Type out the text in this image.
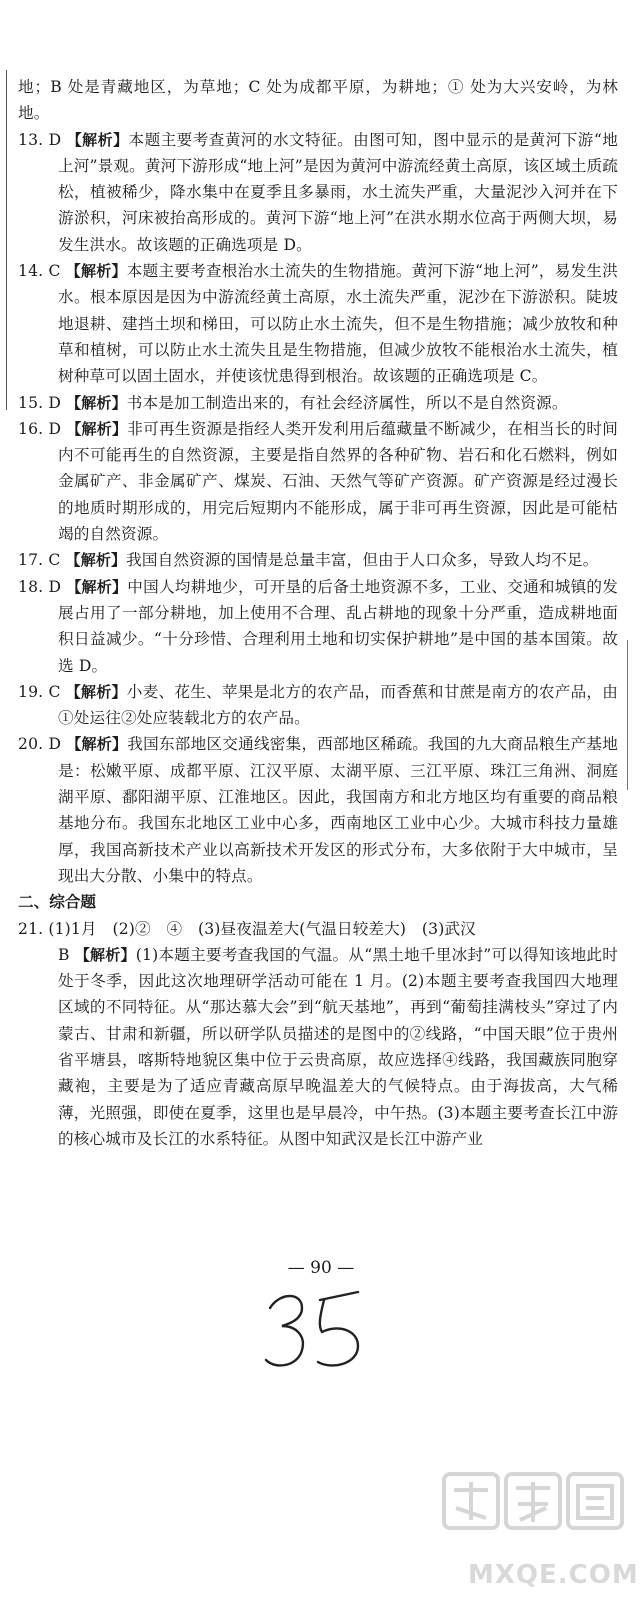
地；B 处是青藏地区，为草地；C 处为成都平原，为耕地；① 处为大兴安岭，为林地。

13. D 【解析】本题主要考查黄河的水文特征。由图可知，图中显示的是黄河下游“地上河”景观。黄河下游形成“地上河”是因为黄河中游流经黄土高原，该区域土质疏松，植被稀少，降水集中在夏季且多暴雨，水土流失严重，大量泥沙入河并在下游淤积，河床被抬高形成的。黄河下游“地上河”在洪水期水位高于两侧大坝，易发生洪水。故该题的正确选项是 D。

14. C 【解析】本题主要考查根治水土流失的生物措施。黄河下游“地上河”，易发生洪水。根本原因是因为中游流经黄土高原，水土流失严重，泥沙在下游淤积。陡坡地退耕、建挡土坝和梯田，可以防止水土流失，但不是生物措施；减少放牧和种草和植树，可以防止水土流失且是生物措施，但减少放牧不能根治水土流失，植树种草可以固土固水，并使该忧患得到根治。故该题的正确选项是 C。

15. D 【解析】书本是加工制造出来的，有社会经济属性，所以不是自然资源。

16. D 【解析】非可再生资源是指经人类开发利用后蕴藏量不断减少，在相当长的时间内不可能再生的自然资源，主要是指自然界的各种矿物、岩石和化石燃料，例如金属矿产、非金属矿产、煤炭、石油、天然气等矿产资源。矿产资源是经过漫长的地质时期形成的，用完后短期内不能形成，属于非可再生资源，因此是可能枯竭的自然资源。

17. C 【解析】我国自然资源的国情是总量丰富，但由于人口众多，导致人均不足。

18. D 【解析】中国人均耕地少，可开垦的后备土地资源不多，工业、交通和城镇的发展占用了一部分耕地，加上使用不合理、乱占耕地的现象十分严重，造成耕地面积日益减少。“十分珍惜、合理利用土地和切实保护耕地”是中国的基本国策。故选 D。

19. C 【解析】小麦、花生、苹果是北方的农产品，而香蕉和甘蔗是南方的农产品，由①处运往②处应装载北方的农产品。

20. D 【解析】我国东部地区交通线密集，西部地区稀疏。我国的九大商品粮生产基地是：松嫩平原、成都平原、江汉平原、太湖平原、三江平原、珠江三角洲、洞庭湖平原、鄱阳湖平原、江淮地区。因此，我国南方和北方地区均有重要的商品粮基地分布。我国东北地区工业中心多，西南地区工业中心少。大城市科技力量雄厚，我国高新技术产业以高新技术开发区的形式分布，大多依附于大中城市，呈现出大分散、小集中的特点。

二、综合题

21. (1)1月　(2)②　④　(3)昼夜温差大(气温日较差大)　(3)武汉

B 【解析】(1)本题主要考查我国的气温。从“黑土地千里冰封”可以得知该地此时处于冬季，因此这次地理研学活动可能在 1 月。(2)本题主要考查我国四大地理区域的不同特征。从“那达慕大会”到“航天基地”，再到“葡萄挂满枝头”穿过了内蒙古、甘肃和新疆，所以研学队员描述的是图中的②线路，“中国天眼”位于贵州省平塘县，喀斯特地貌区集中位于云贵高原，故应选择④线路，我国藏族同胞穿藏袍，主要是为了适应青藏高原早晚温差大的气候特点。由于海拔高，大气稀薄，光照强，即使在夏季，这里也是早晨冷，中午热。(3)本题主要考查长江中游的核心城市及长江的水系特征。从图中知武汉是长江中游产业

— 90 —
MXQE.COM
